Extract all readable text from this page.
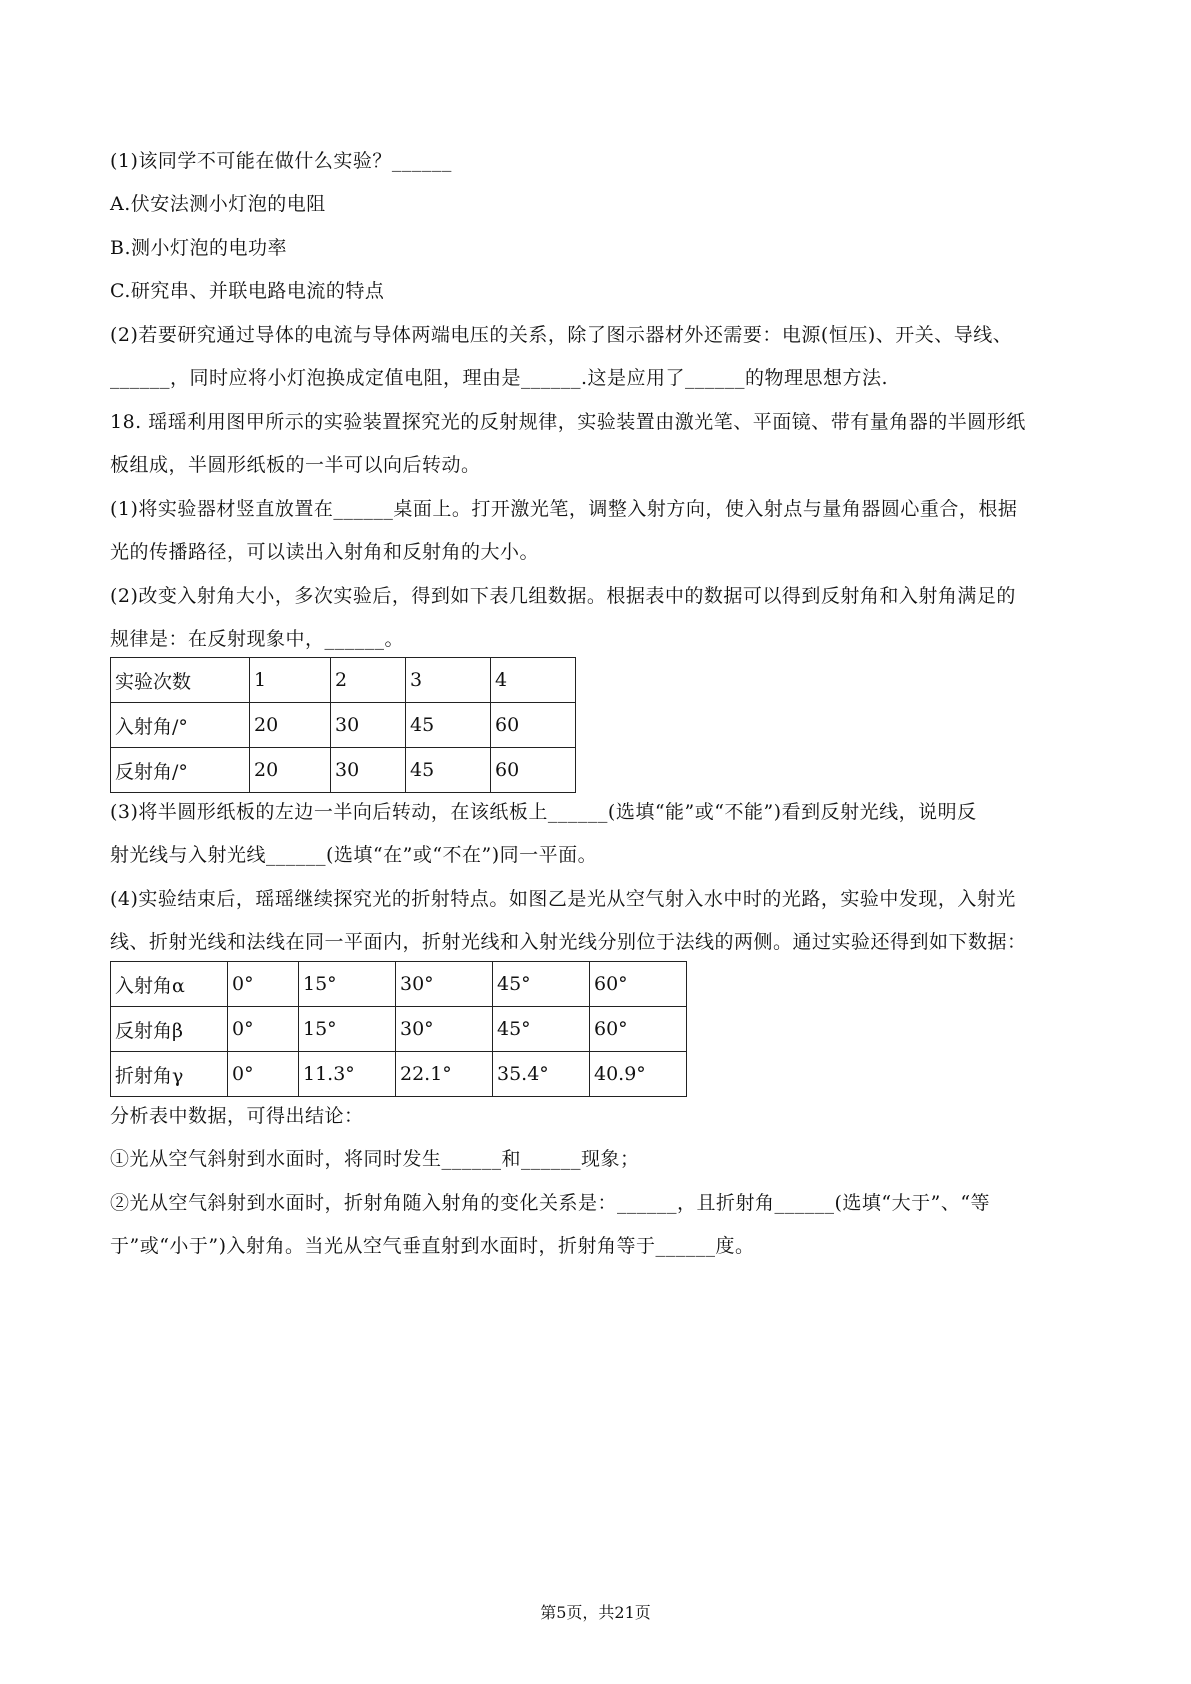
(1)该同学不可能在做什么实验？______
A.伏安法测小灯泡的电阻
B.测小灯泡的电功率
C.研究串、并联电路电流的特点
(2)若要研究通过导体的电流与导体两端电压的关系，除了图示器材外还需要：电源(恒压)、开关、导线、
______，同时应将小灯泡换成定值电阻，理由是______.这是应用了______的物理思想方法.
18. 瑶瑶利用图甲所示的实验装置探究光的反射规律，实验装置由激光笔、平面镜、带有量角器的半圆形纸
板组成，半圆形纸板的一半可以向后转动。
(1)将实验器材竖直放置在______桌面上。打开激光笔，调整入射方向，使入射点与量角器圆心重合，根据
光的传播路径，可以读出入射角和反射角的大小。
(2)改变入射角大小，多次实验后，得到如下表几组数据。根据表中的数据可以得到反射角和入射角满足的
规律是：在反射现象中，______。
实验次数	1	2	3	4
入射角/°	20	30	45	60
反射角/°	20	30	45	60
(3)将半圆形纸板的左边一半向后转动，在该纸板上______(选填“能”或“不能”)看到反射光线，说明反
射光线与入射光线______(选填“在”或“不在”)同一平面。
(4)实验结束后，瑶瑶继续探究光的折射特点。如图乙是光从空气射入水中时的光路，实验中发现，入射光
线、折射光线和法线在同一平面内，折射光线和入射光线分别位于法线的两侧。通过实验还得到如下数据：
入射角α	0°	15°	30°	45°	60°
反射角β	0°	15°	30°	45°	60°
折射角γ	0°	11.3°	22.1°	35.4°	40.9°
分析表中数据，可得出结论：
①光从空气斜射到水面时，将同时发生______和______现象；
②光从空气斜射到水面时，折射角随入射角的变化关系是：______，且折射角______(选填“大于”、“等
于”或“小于”)入射角。当光从空气垂直射到水面时，折射角等于______度。
第5页，共21页
